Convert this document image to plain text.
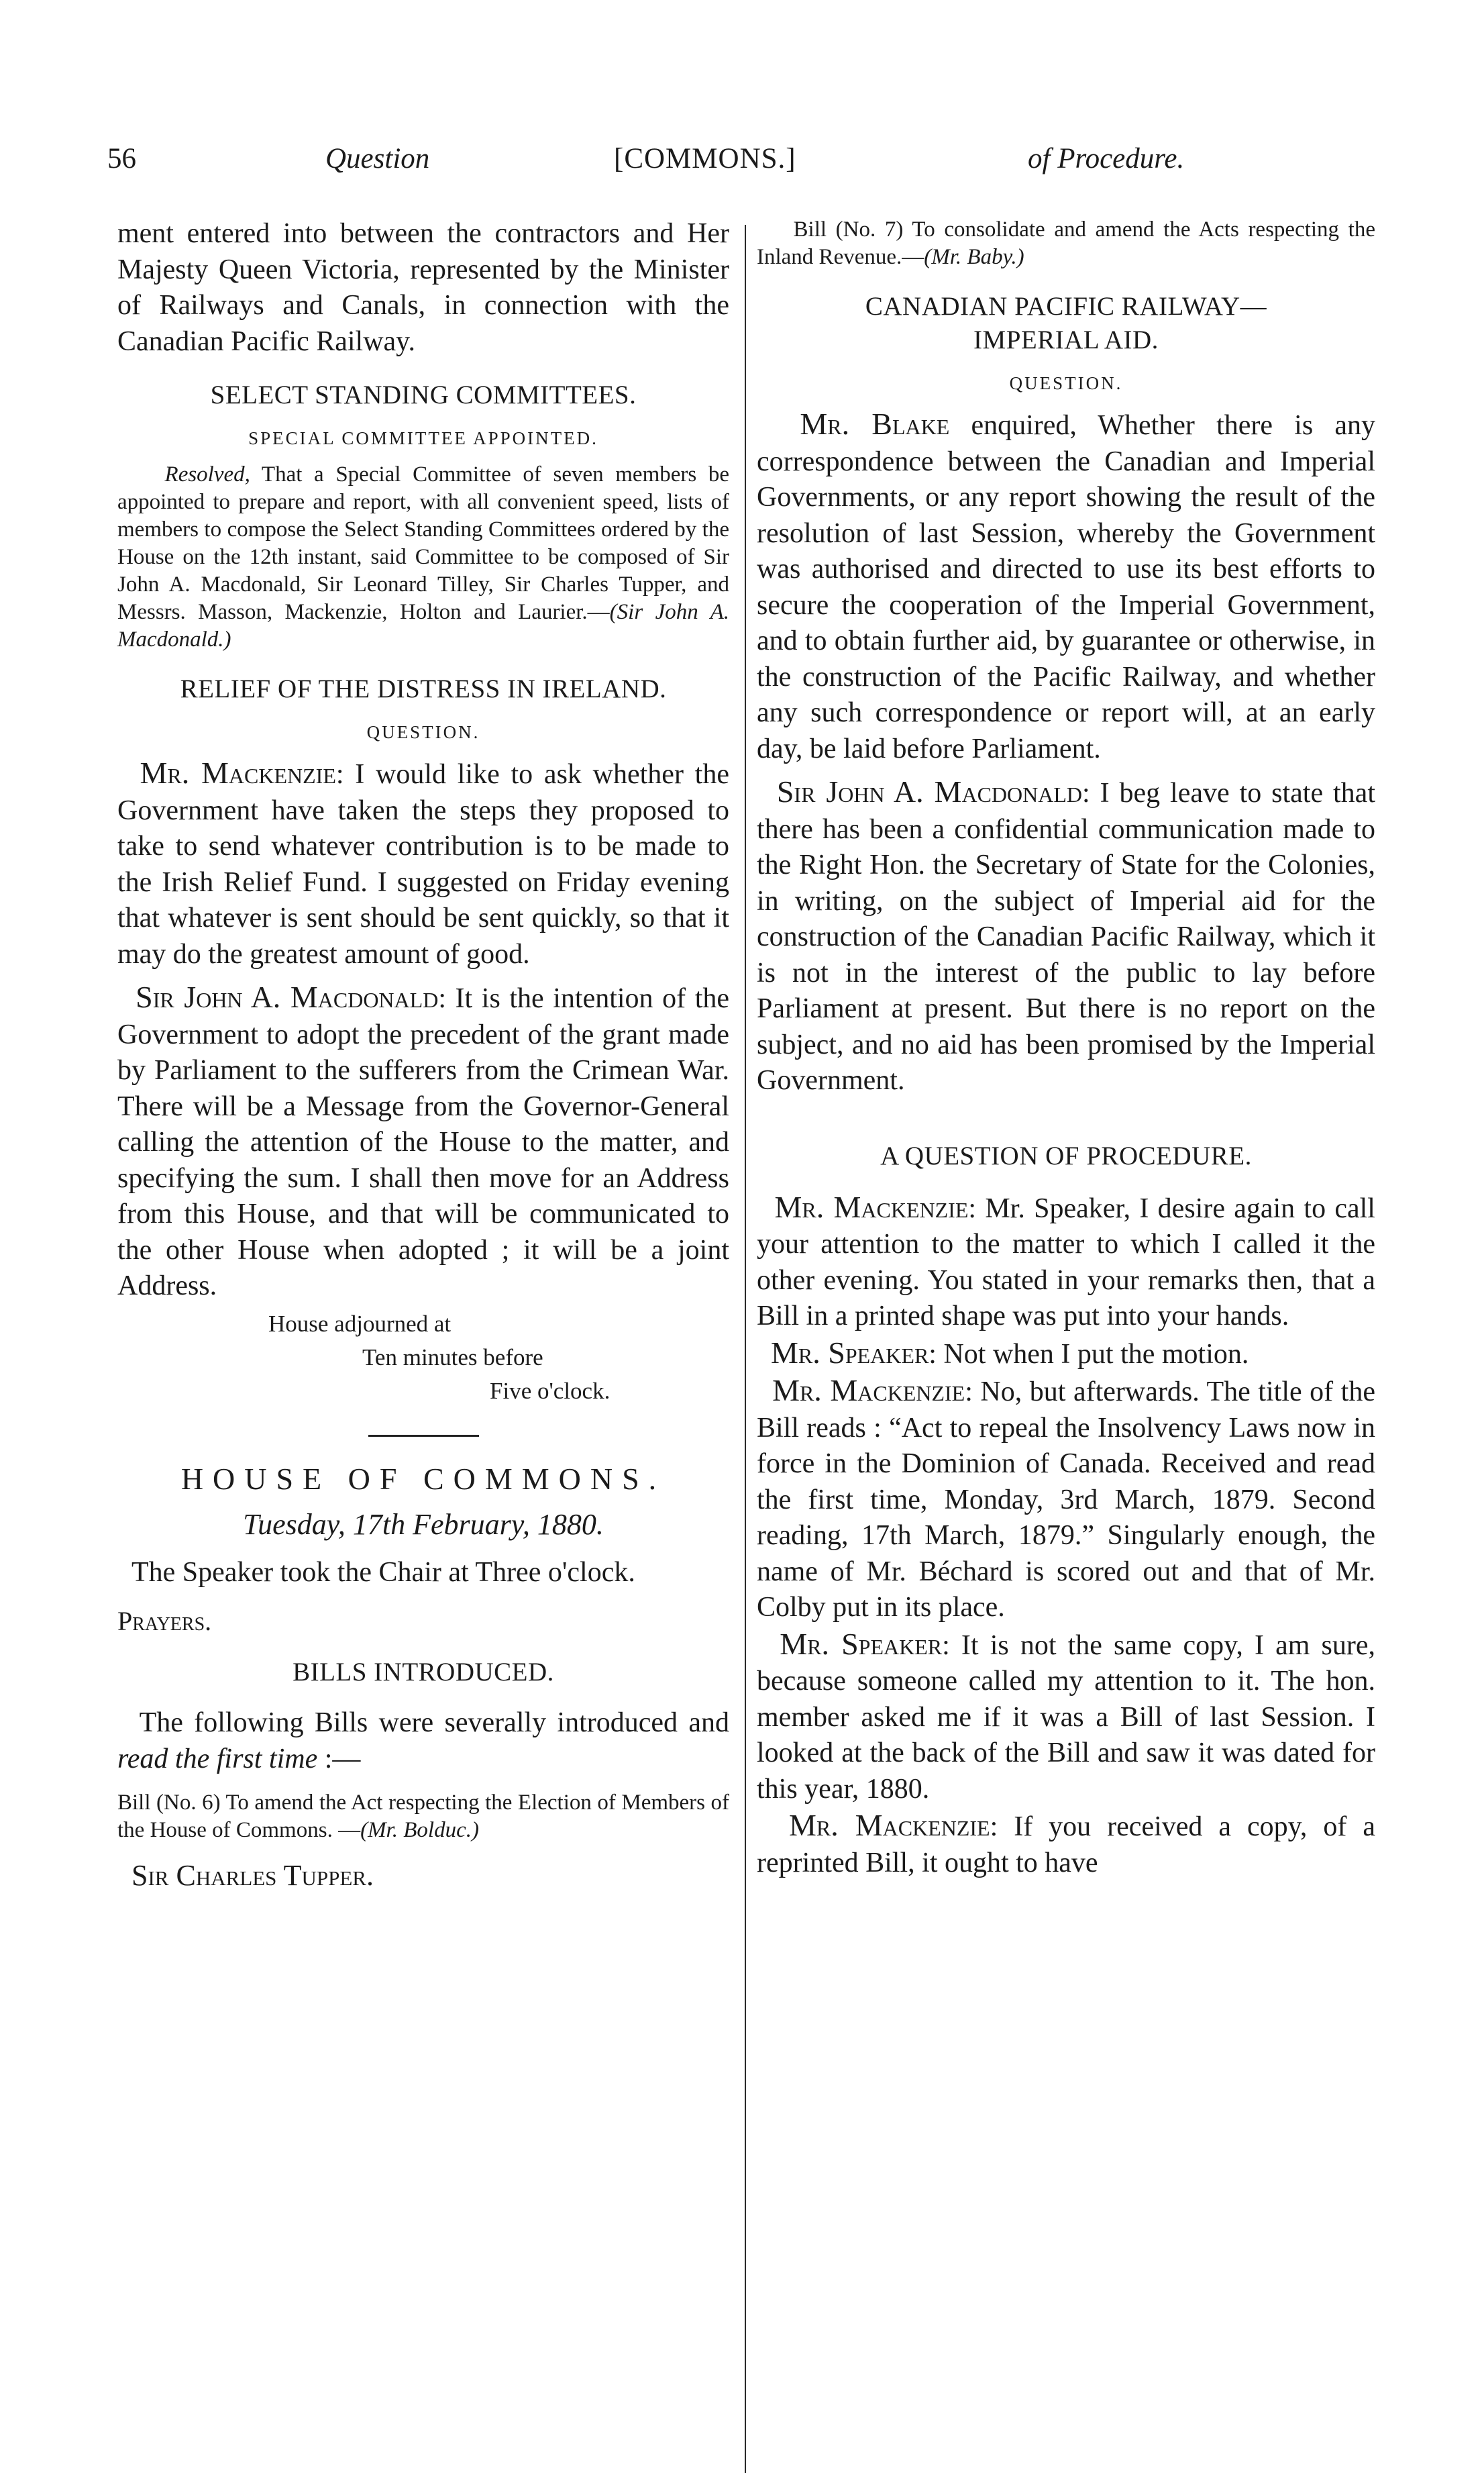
56	Question	[COMMONS.]	of Procedure.

ment entered into between the contractors and Her Majesty Queen Victoria, represented by the Minister of Railways and Canals, in connection with the Canadian Pacific Railway.

SELECT STANDING COMMITTEES.
SPECIAL COMMITTEE APPOINTED.

Resolved, That a Special Committee of seven members be appointed to prepare and report, with all convenient speed, lists of members to compose the Select Standing Committees ordered by the House on the 12th instant, said Committee to be composed of Sir John A. Macdonald, Sir Leonard Tilley, Sir Charles Tupper, and Messrs. Masson, Mackenzie, Holton and Laurier.—(Sir John A. Macdonald.)

RELIEF OF THE DISTRESS IN IRELAND.
QUESTION.

Mr. Mackenzie: I would like to ask whether the Government have taken the steps they proposed to take to send whatever contribution is to be made to the Irish Relief Fund. I suggested on Friday evening that whatever is sent should be sent quickly, so that it may do the greatest amount of good.

Sir John A. Macdonald: It is the intention of the Government to adopt the precedent of the grant made by Parliament to the sufferers from the Crimean War. There will be a Message from the Governor-General calling the attention of the House to the matter, and specifying the sum. I shall then move for an Address from this House, and that will be communicated to the other House when adopted ; it will be a joint Address.

House adjourned at
Ten minutes before
Five o'clock.
HOUSE OF COMMONS.
Tuesday, 17th February, 1880.

The Speaker took the Chair at Three o'clock.

Prayers.
BILLS INTRODUCED.

The following Bills were severally introduced and read the first time :—

Bill (No. 6) To amend the Act respecting the Election of Members of the House of Commons. —(Mr. Bolduc.)

Sir Charles Tupper.

Bill (No. 7) To consolidate and amend the Acts respecting the Inland Revenue.—(Mr. Baby.)

CANADIAN PACIFIC RAILWAY—
IMPERIAL AID.
QUESTION.

Mr. Blake enquired, Whether there is any correspondence between the Canadian and Imperial Governments, or any report showing the result of the resolution of last Session, whereby the Government was authorised and directed to use its best efforts to secure the cooperation of the Imperial Government, and to obtain further aid, by guarantee or otherwise, in the construction of the Pacific Railway, and whether any such correspondence or report will, at an early day, be laid before Parliament.

Sir John A. Macdonald: I beg leave to state that there has been a confidential communication made to the Right Hon. the Secretary of State for the Colonies, in writing, on the subject of Imperial aid for the construction of the Canadian Pacific Railway, which it is not in the interest of the public to lay before Parliament at present. But there is no report on the subject, and no aid has been promised by the Imperial Government.

A QUESTION OF PROCEDURE.

Mr. Mackenzie: Mr. Speaker, I desire again to call your attention to the matter to which I called it the other evening. You stated in your remarks then, that a Bill in a printed shape was put into your hands.

Mr. Speaker: Not when I put the motion.

Mr. Mackenzie: No, but afterwards. The title of the Bill reads : “Act to repeal the Insolvency Laws now in force in the Dominion of Canada. Received and read the first time, Monday, 3rd March, 1879. Second reading, 17th March, 1879.” Singularly enough, the name of Mr. Béchard is scored out and that of Mr. Colby put in its place.

Mr. Speaker: It is not the same copy, I am sure, because someone called my attention to it. The hon. member asked me if it was a Bill of last Session. I looked at the back of the Bill and saw it was dated for this year, 1880.

Mr. Mackenzie: If you received a copy, of a reprinted Bill, it ought to have
